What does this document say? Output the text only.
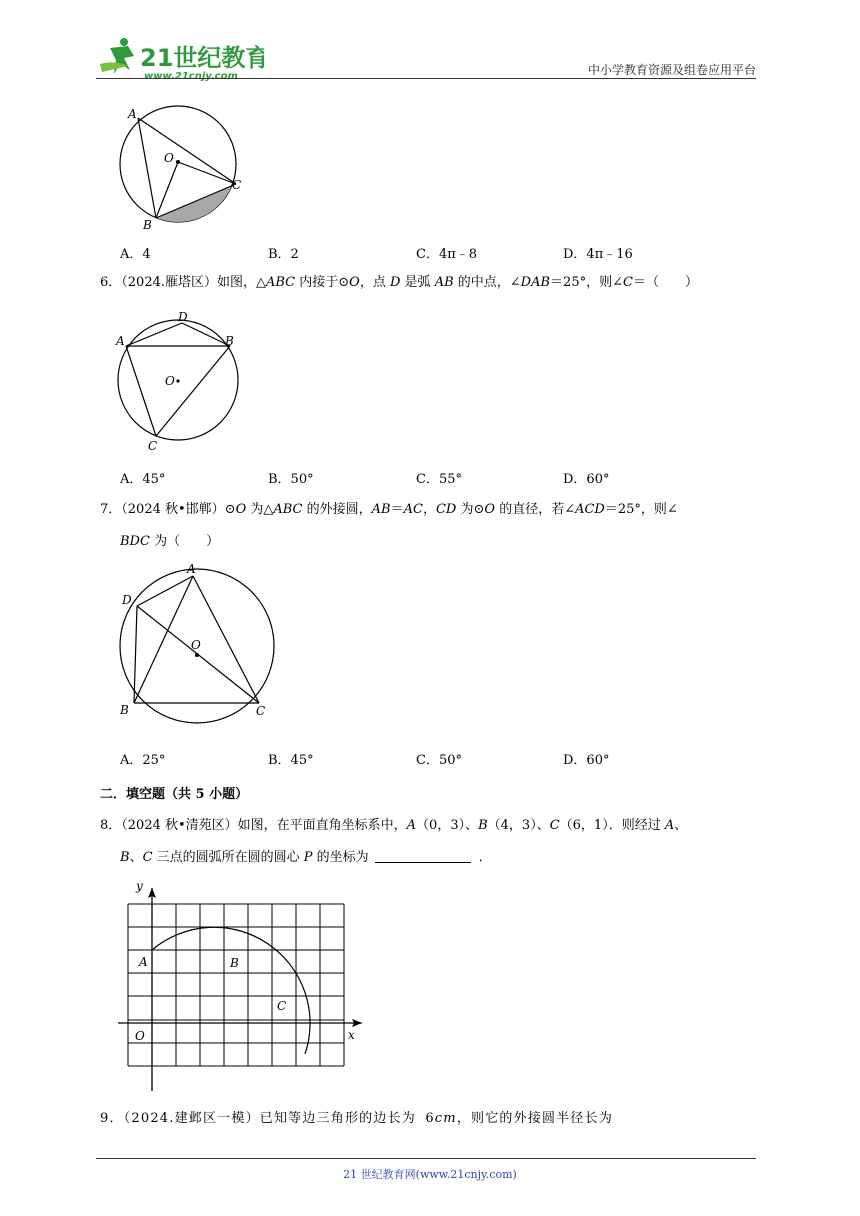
21世纪教育
www.21cnjy.com	中小学教育资源及组卷应用平台
A
O
C
B
A．4	B．2	C．4π﹣8	D．4π﹣16
6．（2024.雁塔区）如图，△ABC 内接于⊙O，点 D 是弧 AB 的中点，∠DAB＝25°，则∠C＝（　　）
D
A	B
O
C
A．45°	B．50°	C．55°	D．60°
7．（2024 秋•邯郸）⊙O 为△ABC 的外接圆，AB＝AC，CD 为⊙O 的直径，若∠ACD＝25°，则∠
BDC 为（　　）
A
D
O
B	C
A．25°	B．45°	C．50°	D．60°
二．填空题（共 5 小题）
8．（2024 秋•清苑区）如图，在平面直角坐标系中，A（0，3）、B（4，3）、C（6，1）．则经过 A、
B、C 三点的圆弧所在圆的圆心 P 的坐标为	．
y
A	B
C
O	x
9．（2024.建邺区一模）已知等边三角形的边长为 6cm，则它的外接圆半径长为
21 世纪教育网(www.21cnjy.com)
